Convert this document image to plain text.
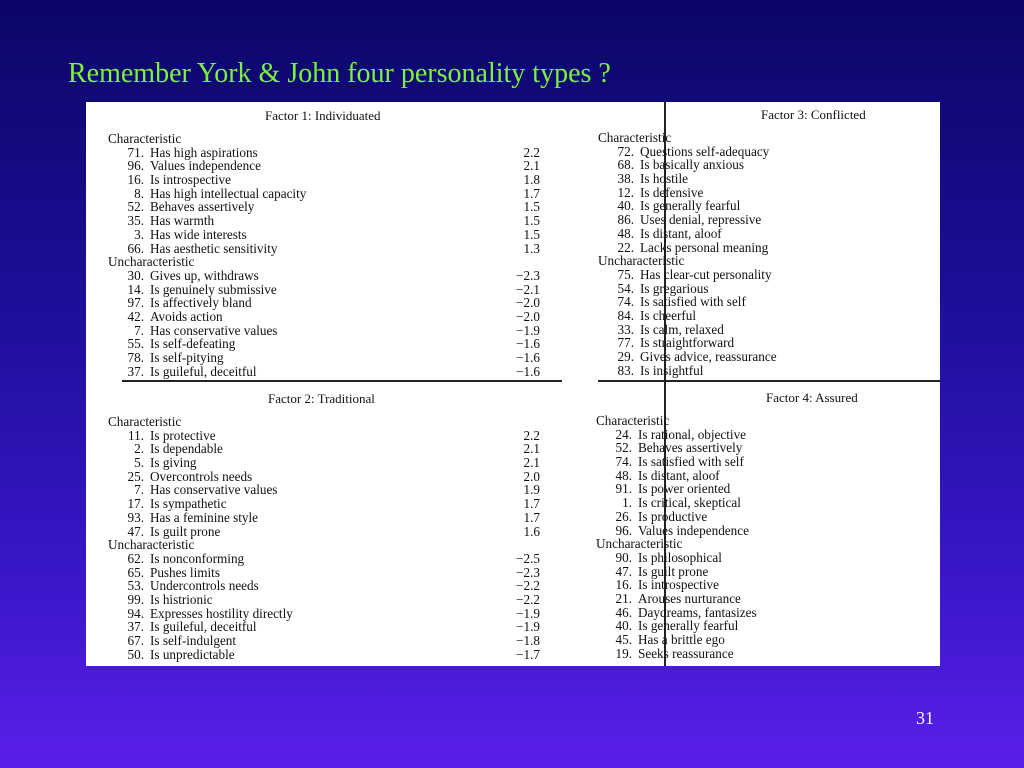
Remember York & John four personality types ?
Factor 1: Individuated
Characteristic
71. Has high aspirations	2.2
96. Values independence	2.1
16. Is introspective	1.8
8. Has high intellectual capacity	1.7
52. Behaves assertively	1.5
35. Has warmth	1.5
3. Has wide interests	1.5
66. Has aesthetic sensitivity	1.3
Uncharacteristic
30. Gives up, withdraws	−2.3
14. Is genuinely submissive	−2.1
97. Is affectively bland	−2.0
42. Avoids action	−2.0
7. Has conservative values	−1.9
55. Is self-defeating	−1.6
78. Is self-pitying	−1.6
37. Is guileful, deceitful	−1.6
Factor 2: Traditional
Characteristic
11. Is protective	2.2
2. Is dependable	2.1
5. Is giving	2.1
25. Overcontrols needs	2.0
7. Has conservative values	1.9
17. Is sympathetic	1.7
93. Has a feminine style	1.7
47. Is guilt prone	1.6
Uncharacteristic
62. Is nonconforming	−2.5
65. Pushes limits	−2.3
53. Undercontrols needs	−2.2
99. Is histrionic	−2.2
94. Expresses hostility directly	−1.9
37. Is guileful, deceitful	−1.9
67. Is self-indulgent	−1.8
50. Is unpredictable	−1.7
Factor 3: Conflicted
Characteristic
72. Questions self-adequacy
68. Is basically anxious
38. Is hostile
12. Is defensive
40. Is generally fearful
86. Uses denial, repressive
48. Is distant, aloof
22. Lacks personal meaning
Uncharacteristic
75. Has clear-cut personality
54. Is gregarious
74. Is satisfied with self
84. Is cheerful
33. Is calm, relaxed
77. Is straightforward
29. Gives advice, reassurance
83. Is insightful
Factor 4: Assured
Characteristic
24. Is rational, objective
52. Behaves assertively
74. Is satisfied with self
48. Is distant, aloof
91. Is power oriented
1. Is critical, skeptical
26. Is productive
96. Values independence
Uncharacteristic
90. Is philosophical
47. Is guilt prone
16. Is introspective
21. Arouses nurturance
46. Daydreams, fantasizes
40. Is generally fearful
45. Has a brittle ego
19. Seeks reassurance
31
